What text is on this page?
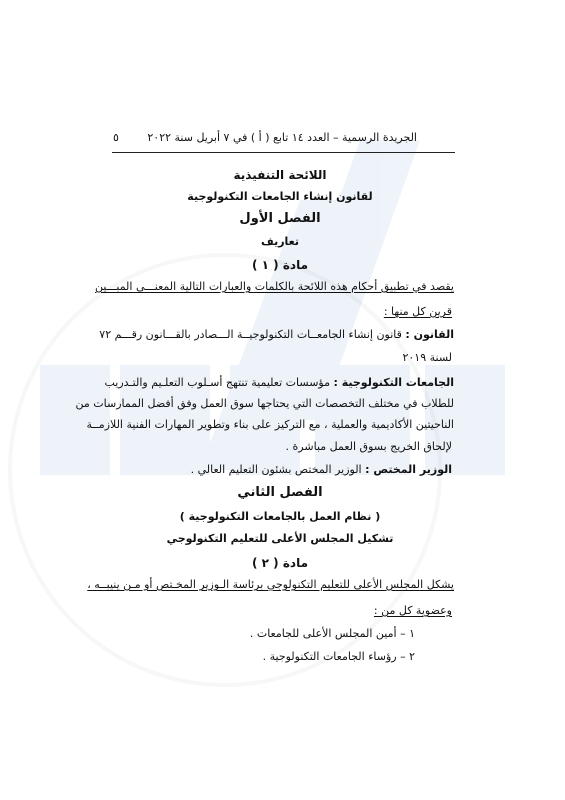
الجريدة الرسمية – العدد ١٤ تابع ( أ ) في ٧ أبريل سنة ٢٠٢٢
٥
اللائحة التنفيذية
لقانون إنشاء الجامعات التكنولوجية
الفصل الأول
تعاريف
مادة ( ١ )
يقصد في تطبيق أحكام هذه اللائحة بالكلمات والعبارات التالية المعنـــى المبـــين
قرين كل منها :
القانون : قانون إنشاء الجامعــات التكنولوجيــة الـــصادر بالقـــانون رقـــم ٧٢
لسنة ٢٠١٩
الجامعات التكنولوجية : مؤسسات تعليمية تنتهج أسـلوب التعلـيم والتـدريب
للطلاب في مختلف التخصصات التي يحتاجها سوق العمل وفق أفضل الممارسات من
الناحيتين الأكاديمية والعملية ، مع التركيز على بناء وتطوير المهارات الفنية اللازمــة
لإلحاق الخريج بسوق العمل مباشرة .
الوزير المختص : الوزير المختص بشئون التعليم العالي .
الفصل الثاني
( نظام العمل بالجامعات التكنولوجية )
تشكيل المجلس الأعلى للتعليم التكنولوجي
مادة ( ٢ )
يشكل المجلس الأعلى للتعليم التكنولوجي برئاسة الـوزير المخـتص أو مـن ينيبــه ،
وعضوية كل من :
١ – أمين المجلس الأعلى للجامعات .
٢ – رؤساء الجامعات التكنولوجية .
